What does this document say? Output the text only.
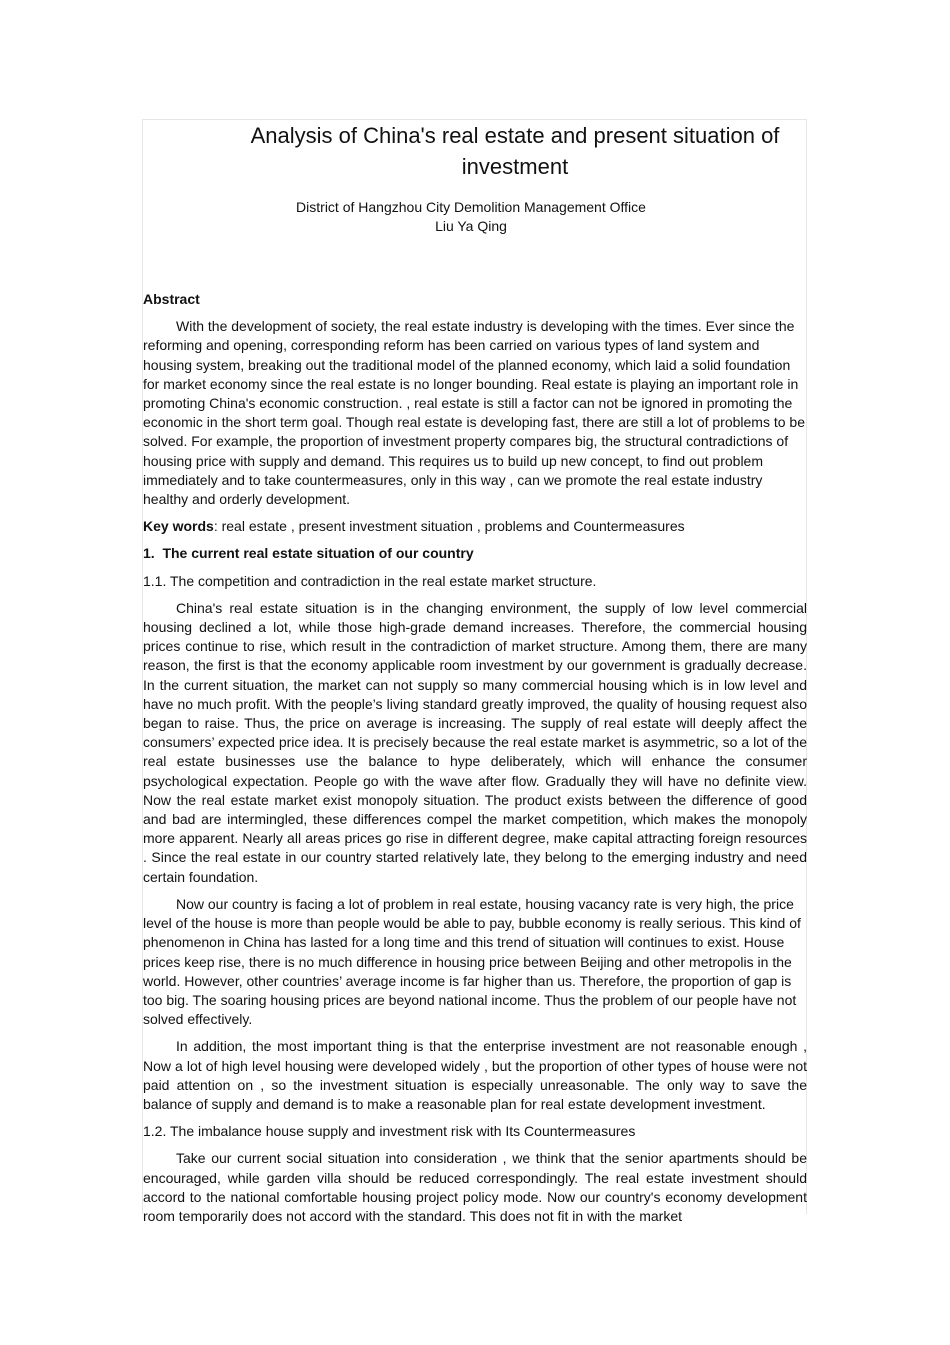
Analysis of China's real estate and present situation of investment

District of Hangzhou City Demolition Management Office

Liu Ya Qing

Abstract

With the development of society, the real estate industry is developing with the times. Ever since the reforming and opening, corresponding reform has been carried on various types of land system and housing system, breaking out the traditional model of the planned economy, which laid a solid foundation for market economy since the real estate is no longer bounding. Real estate is playing an important role in promoting China's economic construction. , real estate is still a factor can not be ignored in promoting the economic in the short term goal. Though real estate is developing fast, there are still a lot of problems to be solved. For example, the proportion of investment property compares big, the structural contradictions of housing price with supply and demand. This requires us to build up new concept, to find out problem immediately and to take countermeasures, only in this way , can we promote the real estate industry healthy and orderly development.

Key words: real estate , present investment situation , problems and Countermeasures

1.  The current real estate situation of our country

1.1. The competition and contradiction in the real estate market structure.

China's real estate situation is in the changing environment, the supply of low level commercial housing declined a lot, while those high-grade demand increases. Therefore, the commercial housing prices continue to rise, which result in the contradiction of market structure. Among them, there are many reason, the first is that the economy applicable room investment by our government is gradually decrease. In the current situation, the market can not supply so many commercial housing which is in low level and have no much profit. With the people’s living standard greatly improved, the quality of housing request also began to raise. Thus, the price on average is increasing. The supply of real estate will deeply affect the consumers’ expected price idea. It is precisely because the real estate market is asymmetric, so a lot of the real estate businesses use the balance to hype deliberately, which will enhance the consumer psychological expectation. People go with the wave after flow. Gradually they will have no definite view. Now the real estate market exist monopoly situation. The product exists between the difference of good and bad are intermingled, these differences compel the market competition, which makes the monopoly more apparent. Nearly all areas prices go rise in different degree, make capital attracting foreign resources . Since the real estate in our country started relatively late, they belong to the emerging industry and need certain foundation.

Now our country is facing a lot of problem in real estate, housing vacancy rate is very high, the price level of the house is more than people would be able to pay, bubble economy is really serious. This kind of phenomenon in China has lasted for a long time and this trend of situation will continues to exist. House prices keep rise, there is no much difference in housing price between Beijing and other metropolis in the world. However, other countries’ average income is far higher than us. Therefore, the proportion of gap is too big. The soaring housing prices are beyond national income. Thus the problem of our people have not solved effectively.

In addition, the most important thing is that the enterprise investment are not reasonable enough , Now a lot of high level housing were developed widely , but the proportion of other types of house were not paid attention on , so the investment situation is especially unreasonable. The only way to save the balance of supply and demand is to make a reasonable plan for real estate development investment.

1.2. The imbalance house supply and investment risk with Its Countermeasures

Take our current social situation into consideration , we think that the senior apartments should be encouraged, while garden villa should be reduced correspondingly. The real estate investment should accord to the national comfortable housing project policy mode. Now our country's economy development room temporarily does not accord with the standard. This does not fit in with the market
